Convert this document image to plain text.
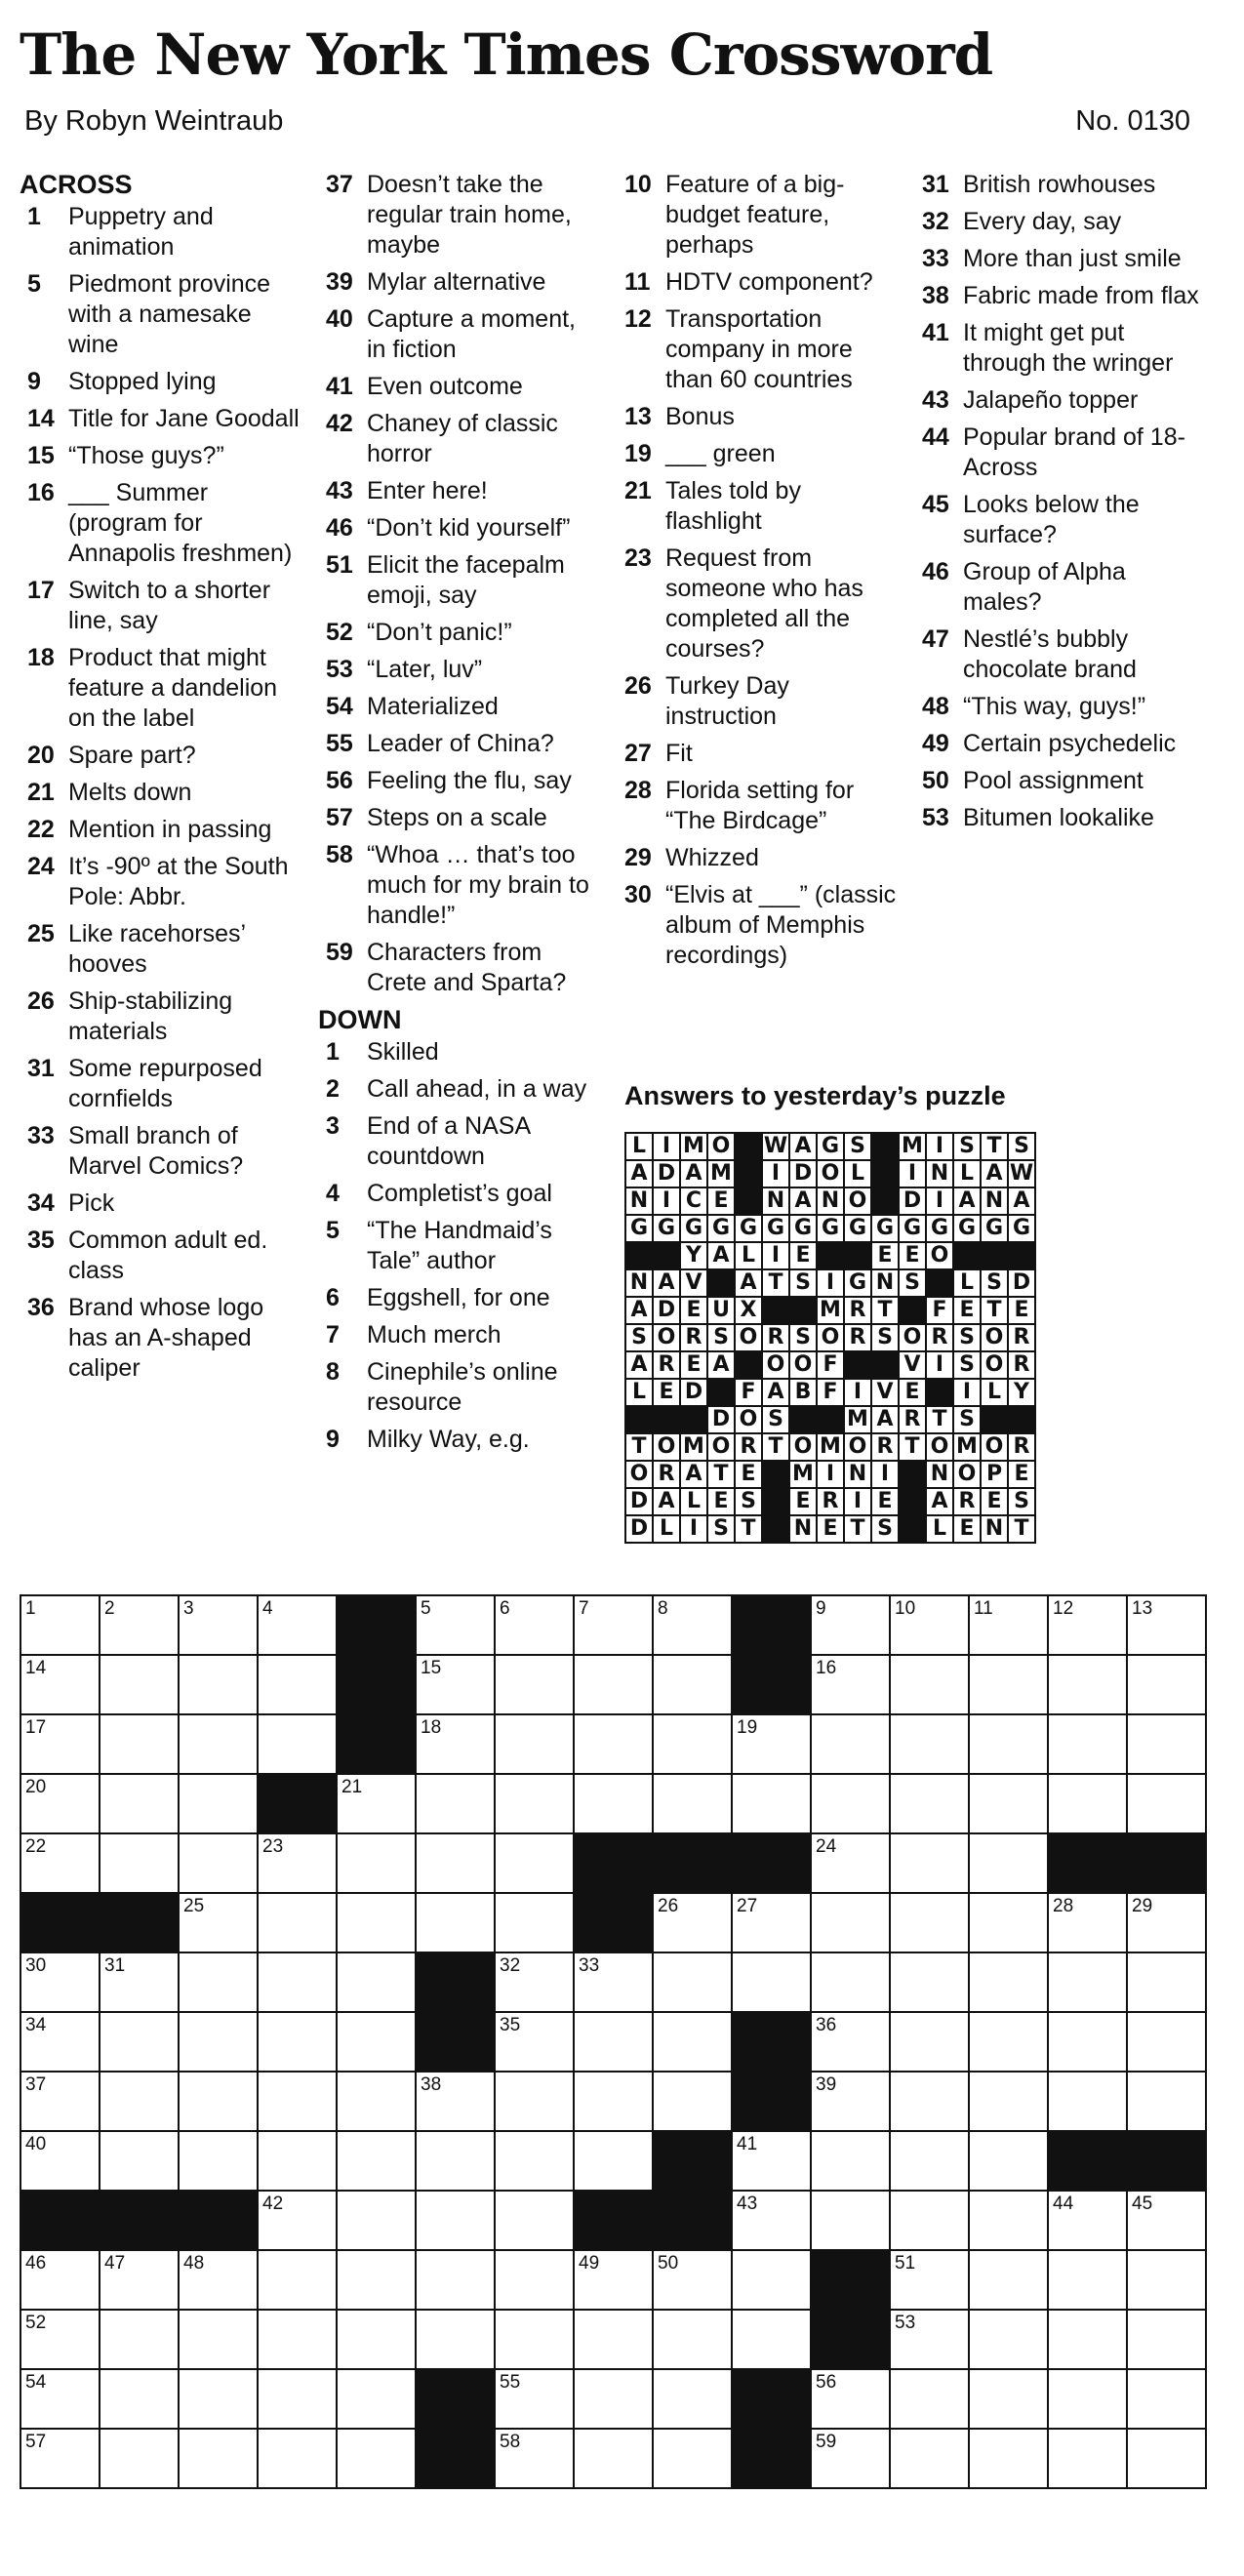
The New York Times Crossword
By Robyn Weintraub	No. 0130
ACROSS
1	Puppetry and animation
5	Piedmont province with a namesake wine
9	Stopped lying
14 Title for Jane Goodall
15 “Those guys?”
16 ___ Summer (program for Annapolis freshmen)
17 Switch to a shorter line, say
18 Product that might feature a dandelion on the label
20 Spare part?
21 Melts down
22 Mention in passing
24 It’s -90º at the South Pole: Abbr.
25 Like racehorses’ hooves
26 Ship-stabilizing materials
31 Some repurposed cornfields
33 Small branch of Marvel Comics?
34 Pick
35 Common adult ed. class
36 Brand whose logo has an A-shaped caliper
37 Doesn’t take the regular train home, maybe
39 Mylar alternative
40 Capture a moment, in fiction
41 Even outcome
42 Chaney of classic horror
43 Enter here!
46 “Don’t kid yourself”
51 Elicit the facepalm emoji, say
52 “Don’t panic!”
53 “Later, luv”
54 Materialized
55 Leader of China?
56 Feeling the flu, say
57 Steps on a scale
58 “Whoa … that’s too much for my brain to handle!”
59 Characters from Crete and Sparta?
DOWN
1	Skilled
2	Call ahead, in a way
3	End of a NASA countdown
4	Completist’s goal
5	“The Handmaid’s Tale” author
6	Eggshell, for one
7	Much merch
8	Cinephile’s online resource
9	Milky Way, e.g.
10 Feature of a big-budget feature, perhaps
11 HDTV component?
12 Transportation company in more than 60 countries
13 Bonus
19 ___ green
21 Tales told by flashlight
23 Request from someone who has completed all the courses?
26 Turkey Day instruction
27 Fit
28 Florida setting for “The Birdcage”
29 Whizzed
30 “Elvis at ___” (classic album of Memphis recordings)
31 British rowhouses
32 Every day, say
33 More than just smile
38 Fabric made from flax
41 It might get put through the wringer
43 Jalapeño topper
44 Popular brand of 18-Across
45 Looks below the surface?
46 Group of Alpha males?
47 Nestlé’s bubbly chocolate brand
48 “This way, guys!”
49 Certain psychedelic
50 Pool assignment
53 Bitumen lookalike
Answers to yesterday’s puzzle
L	I	M	O		W	A	G	S		M	I	S	T	S
A	D	A	M		I	D	O	L		I	N	L	A	W
N	I	C	E		N	A	N	O		D	I	A	N	A
G	G	G	G	G	G	G	G	G	G	G	G	G	G	G
		Y	A	L	I	E			E	E	O			
N	A	V		A	T	S	I	G	N	S		L	S	D
A	D	E	U	X			M	R	T		F	E	T	E
S	O	R	S	O	R	S	O	R	S	O	R	S	O	R
A	R	E	A		O	O	F			V	I	S	O	R
L	E	D		F	A	B	F	I	V	E		I	L	Y
			D	O	S			M	A	R	T	S		
T	O	M	O	R	T	O	M	O	R	T	O	M	O	R
O	R	A	T	E		M	I	N	I		N	O	P	E
D	A	L	E	S		E	R	I	E		A	R	E	S
D	L	I	S	T		N	E	T	S		L	E	N	T
1	2	3	4		5	6	7	8		9	10	11	12	13

14					15					16				

17					18				19					

20				21										

22			23							24				

		25						26	27				28	29

30	31					32	33							

34						35				36				

37					38					39				

40									41					

			42						43				44	45

46	47	48					49	50			51			

52											53			

54						55				56				

57						58				59				
